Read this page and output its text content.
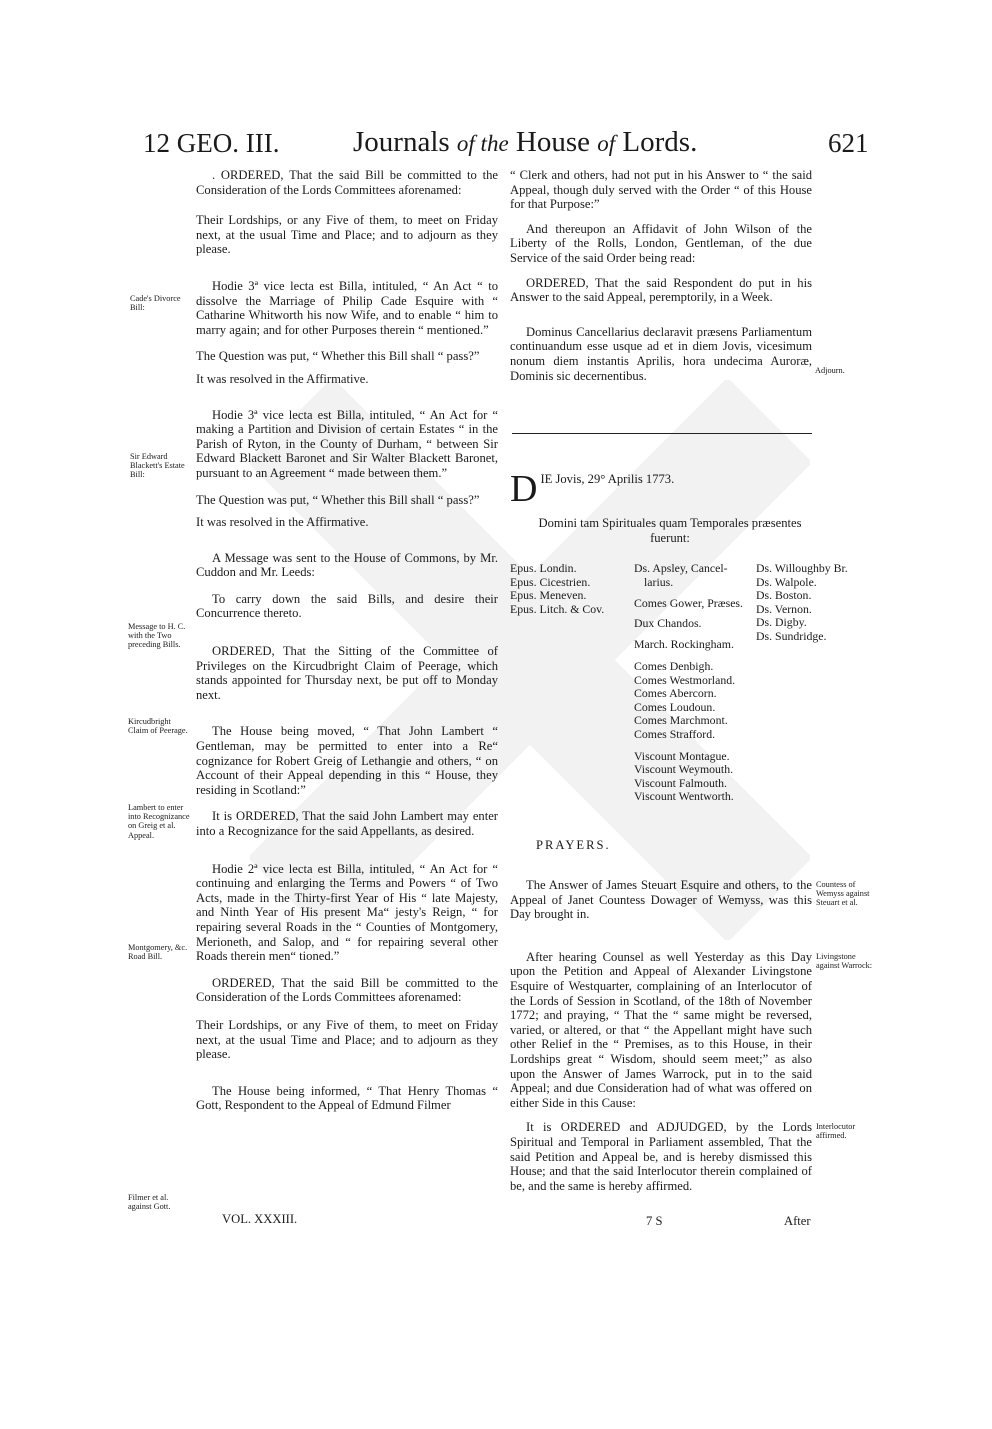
12 GEO. III.	Journals of the House of Lords.	621
Cade's Divorce Bill:
Sir Edward Blackett's Estate Bill:
Message to H. C. with the Two preceding Bills.
Kircudbright Claim of Peerage.
Lambert to enter into Recognizance on Greig et al. Appeal.
Montgomery, &c. Road Bill.
Filmer et al. against Gott.

. ORDERED, That the said Bill be committed to the Consideration of the Lords Committees aforenamed:

Their Lordships, or any Five of them, to meet on Friday next, at the usual Time and Place; and to adjourn as they please.

Hodie 3ª vice lecta est Billa, intituled, “ An Act “ to dissolve the Marriage of Philip Cade Esquire with “ Catharine Whitworth his now Wife, and to enable “ him to marry again; and for other Purposes therein “ mentioned.”

The Question was put, “ Whether this Bill shall “ pass?”

It was resolved in the Affirmative.

Hodie 3ª vice lecta est Billa, intituled, “ An Act for “ making a Partition and Division of certain Estates “ in the Parish of Ryton, in the County of Durham, “ between Sir Edward Blackett Baronet and Sir Walter Blackett Baronet, pursuant to an Agreement “ made between them.”

The Question was put, “ Whether this Bill shall “ pass?”

It was resolved in the Affirmative.

A Message was sent to the House of Commons, by Mr. Cuddon and Mr. Leeds:

To carry down the said Bills, and desire their Concurrence thereto.

ORDERED, That the Sitting of the Committee of Privileges on the Kircudbright Claim of Peerage, which stands appointed for Thursday next, be put off to Monday next.

The House being moved, “ That John Lambert “ Gentleman, may be permitted to enter into a Re“ cognizance for Robert Greig of Lethangie and others, “ on Account of their Appeal depending in this “ House, they residing in Scotland:”

It is ORDERED, That the said John Lambert may enter into a Recognizance for the said Appellants, as desired.

Hodie 2ª vice lecta est Billa, intituled, “ An Act for “ continuing and enlarging the Terms and Powers “ of Two Acts, made in the Thirty-first Year of His “ late Majesty, and Ninth Year of His present Ma“ jesty's Reign, “ for repairing several Roads in the “ Counties of Montgomery, Merioneth, and Salop, and “ for repairing several other Roads therein men“ tioned.”

ORDERED, That the said Bill be committed to the Consideration of the Lords Committees aforenamed:

Their Lordships, or any Five of them, to meet on Friday next, at the usual Time and Place; and to adjourn as they please.

The House being informed, “ That Henry Thomas “ Gott, Respondent to the Appeal of Edmund Filmer

VOL. XXXIII.

“ Clerk and others, had not put in his Answer to “ the said Appeal, though duly served with the Order “ of this House for that Purpose:”

And thereupon an Affidavit of John Wilson of the Liberty of the Rolls, London, Gentleman, of the due Service of the said Order being read:

ORDERED, That the said Respondent do put in his Answer to the said Appeal, peremptorily, in a Week.

Dominus Cancellarius declaravit præsens Parliamentum continuandum esse usque ad et in diem Jovis, vicesimum nonum diem instantis Aprilis, hora undecima Auroræ, Dominis sic decernentibus.

D IE Jovis, 29° Aprilis 1773.
Domini tam Spirituales quam Temporales præsentes fuerunt:
Epus. Londin.
Epus. Cicestrien.
Epus. Meneven.
Epus. Litch. & Cov.
Ds. Apsley, Cancel-
larius.
Comes Gower, Præses.
Dux Chandos.
March. Rockingham.
Comes Denbigh.
Comes Westmorland.
Comes Abercorn.
Comes Loudoun.
Comes Marchmont.
Comes Strafford.
Viscount Montague.
Viscount Weymouth.
Viscount Falmouth.
Viscount Wentworth.
Ds. Willoughby Br.
Ds. Walpole.
Ds. Boston.
Ds. Vernon.
Ds. Digby.
Ds. Sundridge.
PRAYERS.

The Answer of James Steuart Esquire and others, to the Appeal of Janet Countess Dowager of Wemyss, was this Day brought in.

After hearing Counsel as well Yesterday as this Day upon the Petition and Appeal of Alexander Livingstone Esquire of Westquarter, complaining of an Interlocutor of the Lords of Session in Scotland, of the 18th of November 1772; and praying, “ That the “ same might be reversed, varied, or altered, or that “ the Appellant might have such other Relief in the “ Premises, as to this House, in their Lordships great “ Wisdom, should seem meet;” as also upon the Answer of James Warrock, put in to the said Appeal; and due Consideration had of what was offered on either Side in this Cause:

It is ORDERED and ADJUDGED, by the Lords Spiritual and Temporal in Parliament assembled, That the said Petition and Appeal be, and is hereby dismissed this House; and that the said Interlocutor therein complained of be, and the same is hereby affirmed.

7 S	After
Adjourn.
Countess of Wemyss against Steuart et al.
Livingstone against Warrock:
Interlocutor affirmed.
